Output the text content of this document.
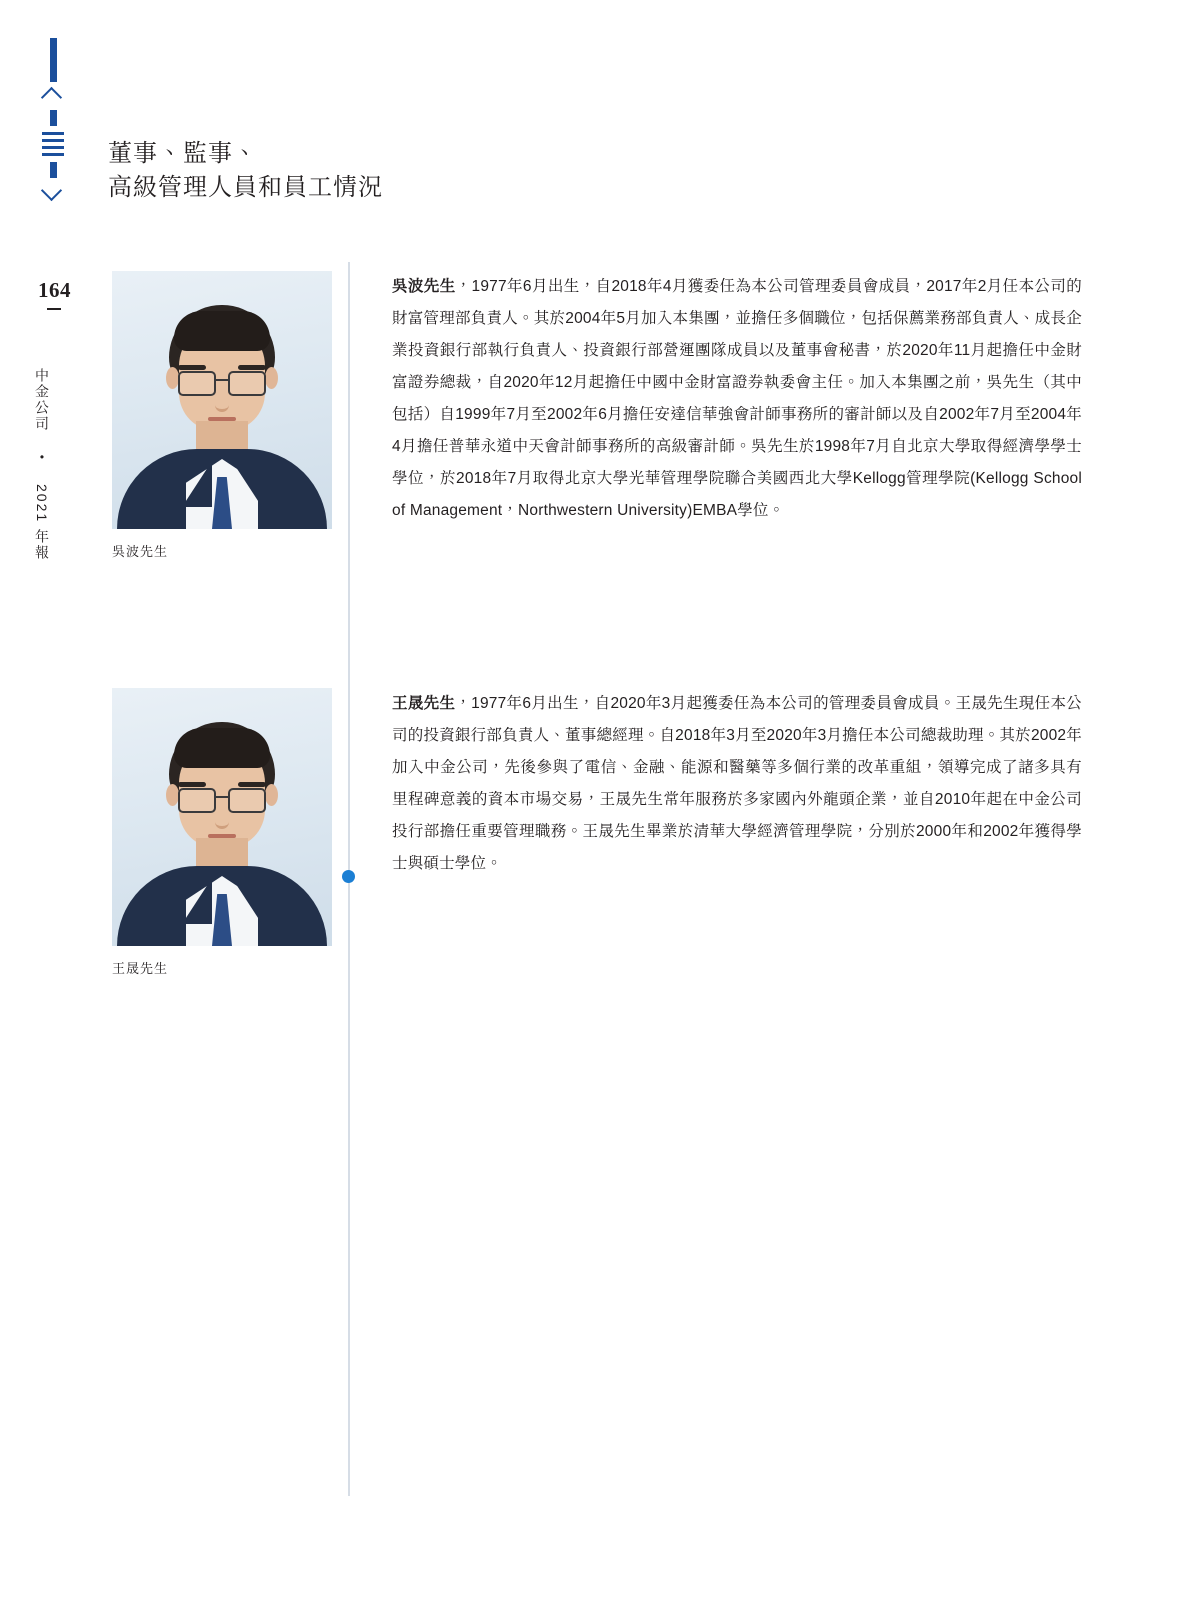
164
中金公司 • 2021 年報
董事、監事、
高級管理人員和員工情況
吳波先生
吳波先生，1977年6月出生，自2018年4月獲委任為本公司管理委員會成員，2017年2月任本公司的財富管理部負責人。其於2004年5月加入本集團，並擔任多個職位，包括保薦業務部負責人、成長企業投資銀行部執行負責人、投資銀行部營運團隊成員以及董事會秘書，於2020年11月起擔任中金財富證券總裁，自2020年12月起擔任中國中金財富證券執委會主任。加入本集團之前，吳先生（其中包括）自1999年7月至2002年6月擔任安達信華強會計師事務所的審計師以及自2002年7月至2004年4月擔任普華永道中天會計師事務所的高級審計師。吳先生於1998年7月自北京大學取得經濟學學士學位，於2018年7月取得北京大學光華管理學院聯合美國西北大學Kellogg管理學院(Kellogg School of Management，Northwestern University)EMBA學位。
王晟先生
王晟先生，1977年6月出生，自2020年3月起獲委任為本公司的管理委員會成員。王晟先生現任本公司的投資銀行部負責人、董事總經理。自2018年3月至2020年3月擔任本公司總裁助理。其於2002年加入中金公司，先後參與了電信、金融、能源和醫藥等多個行業的改革重組，領導完成了諸多具有里程碑意義的資本市場交易，王晟先生常年服務於多家國內外龍頭企業，並自2010年起在中金公司投行部擔任重要管理職務。王晟先生畢業於清華大學經濟管理學院，分別於2000年和2002年獲得學士與碩士學位。
